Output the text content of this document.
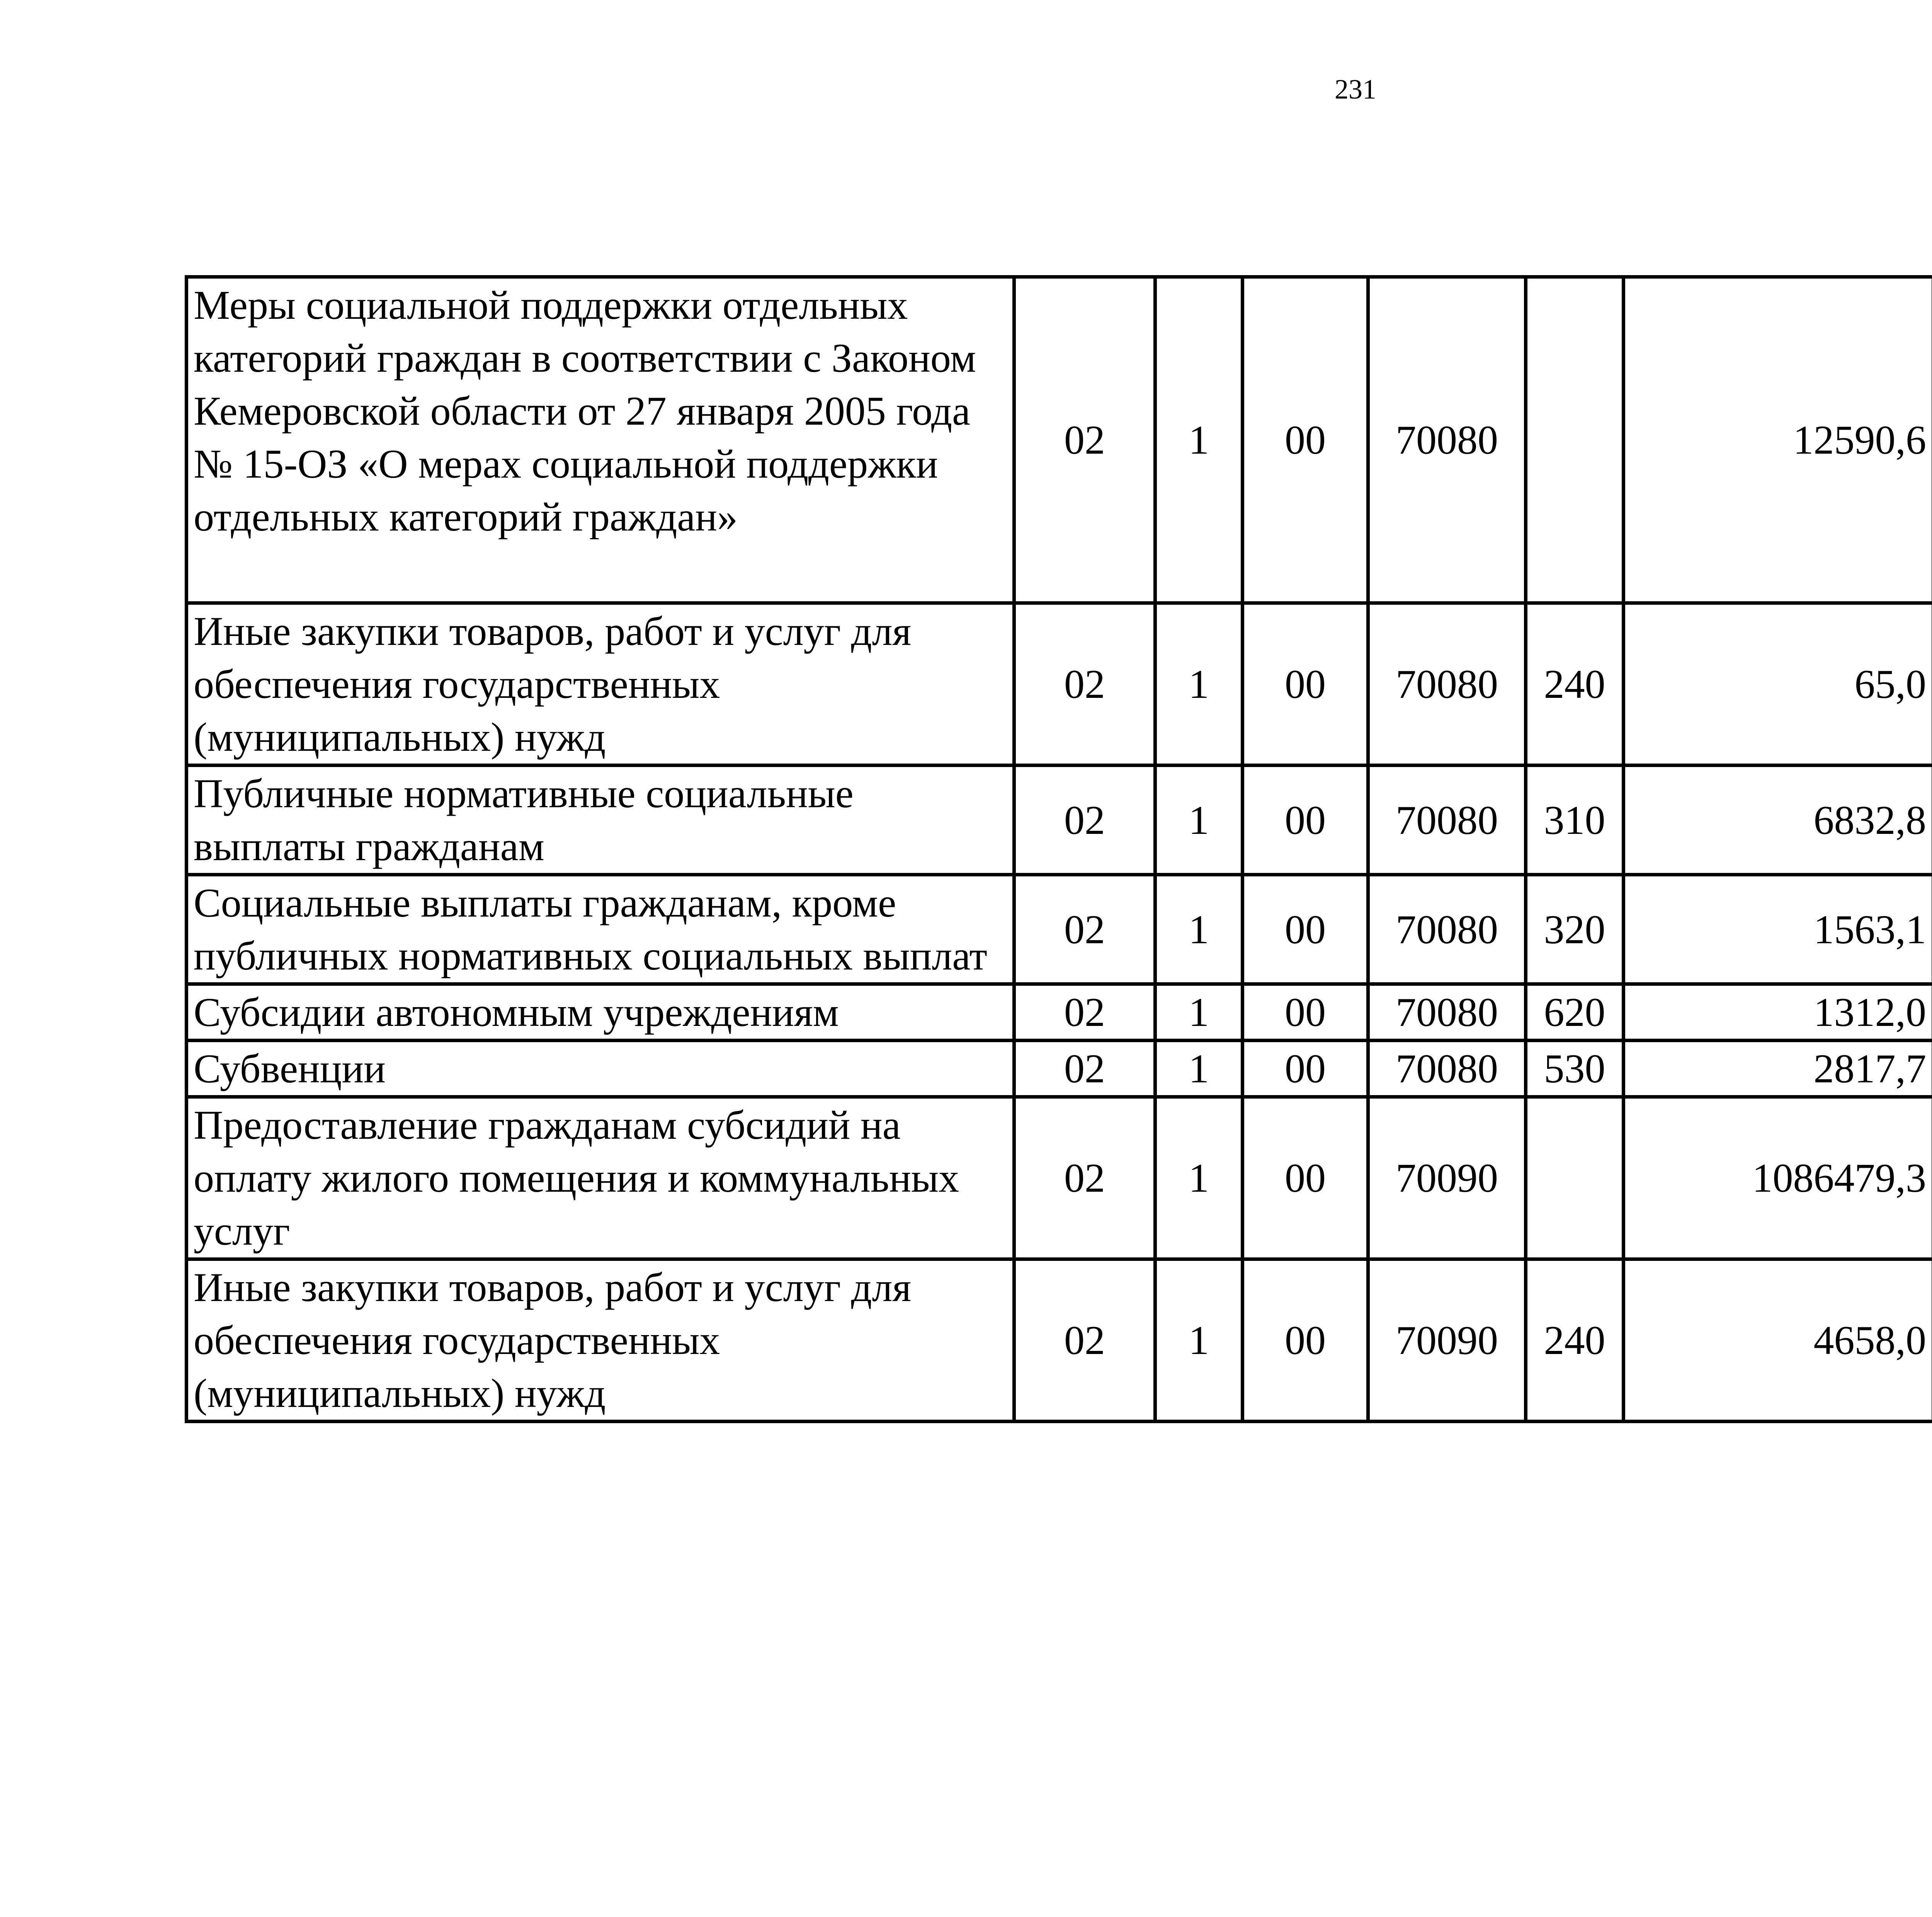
231
Меры социальной поддержки отдельных категорий граждан в соответствии с Законом Кемеровской области от 27 января 2005 года № 15-ОЗ «О мерах социальной поддержки отдельных категорий граждан»	02	1	00	70080		12590,6		
Иные закупки товаров, работ и услуг для обеспечения государственных (муниципальных) нужд	02	1	00	70080	240	65,0		
Публичные нормативные социальные выплаты гражданам	02	1	00	70080	310	6832,8		
Социальные выплаты гражданам, кроме публичных нормативных социальных выплат	02	1	00	70080	320	1563,1		
Субсидии автономным учреждениям	02	1	00	70080	620	1312,0		
Субвенции	02	1	00	70080	530	2817,7		
Предоставление гражданам субсидий на оплату жилого помещения и коммунальных услуг	02	1	00	70090		1086479,3		
Иные закупки товаров, работ и услуг для обеспечения государственных (муниципальных) нужд	02	1	00	70090	240	4658,0		
